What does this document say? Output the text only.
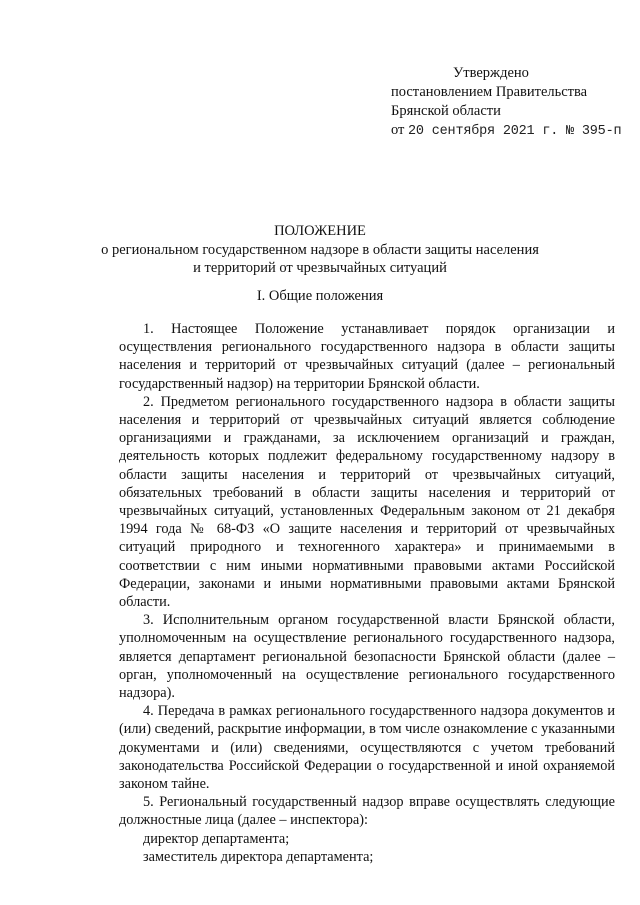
Утверждено
постановлением Правительства
Брянской области
от 20 сентября 2021 г. № 395-п
ПОЛОЖЕНИЕ
о региональном государственном надзоре в области защиты населения
и территорий от чрезвычайных ситуаций
I. Общие положения

1. Настоящее Положение устанавливает порядок организации и осуществления регионального государственного надзора в области защиты населения и территорий от чрезвычайных ситуаций (далее – региональный государственный надзор) на территории Брянской области.

2. Предметом регионального государственного надзора в области защиты населения и территорий от чрезвычайных ситуаций является соблюдение организациями и гражданами, за исключением организаций и граждан, деятельность которых подлежит федеральному государственному надзору в области защиты населения и территорий от чрезвычайных ситуаций, обязательных требований в области защиты населения и территорий от чрезвычайных ситуаций, установленных Федеральным законом от 21 декабря 1994 года № 68-ФЗ «О защите населения и территорий от чрезвычайных ситуаций природного и техногенного характера» и принимаемыми в соответствии с ним иными нормативными правовыми актами Российской Федерации, законами и иными нормативными правовыми актами Брянской области.

3. Исполнительным органом государственной власти Брянской области, уполномоченным на осуществление регионального государственного надзора, является департамент региональной безопасности Брянской области (далее – орган, уполномоченный на осуществление регионального государственного надзора).

4. Передача в рамках регионального государственного надзора документов и (или) сведений, раскрытие информации, в том числе ознакомление с указанными документами и (или) сведениями, осуществляются с учетом требований законодательства Российской Федерации о государственной и иной охраняемой законом тайне.

5. Региональный государственный надзор вправе осуществлять следующие должностные лица (далее – инспектора):

директор департамента;

заместитель директора департамента;
